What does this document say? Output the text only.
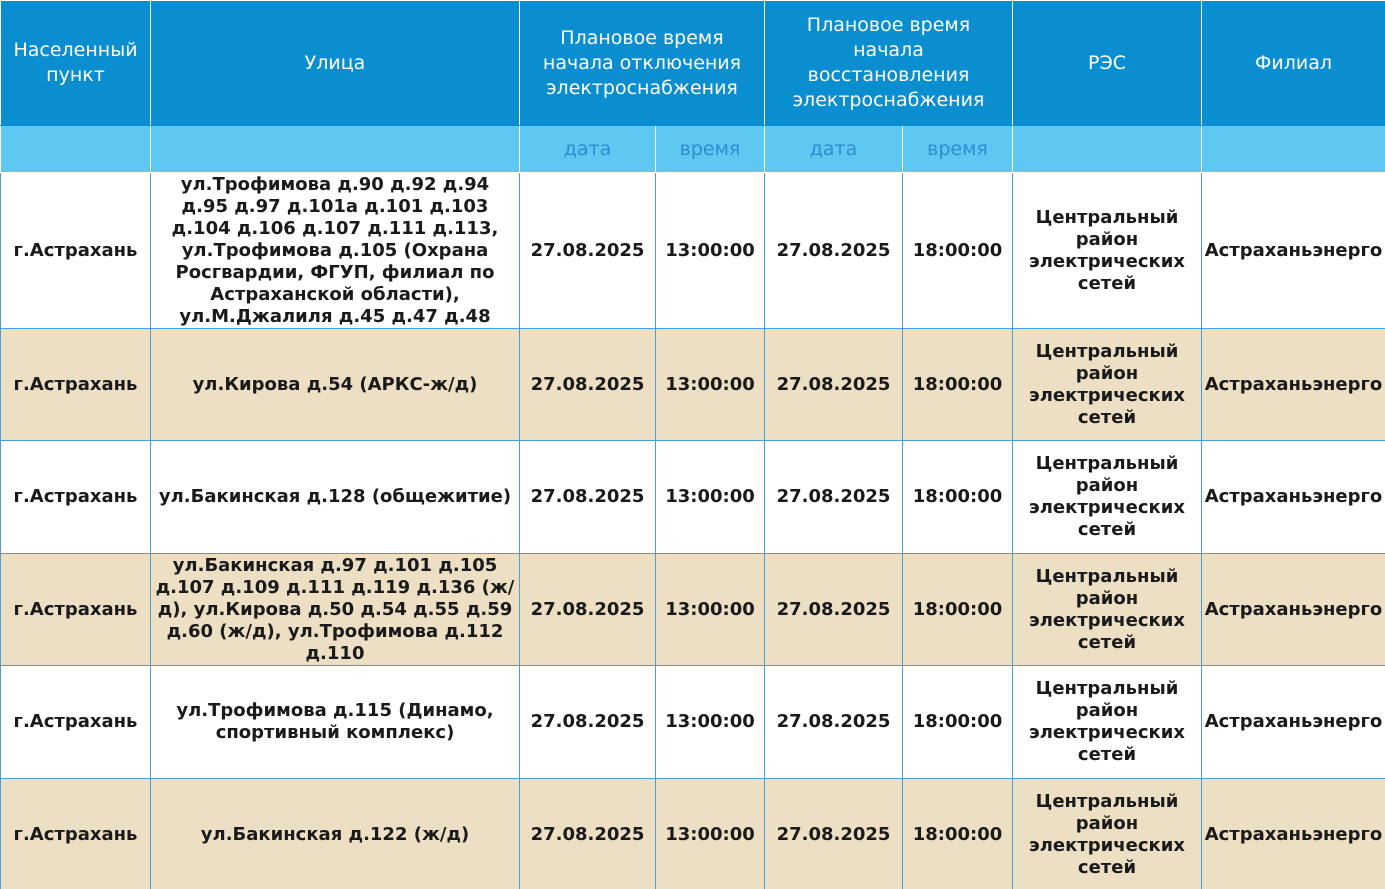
Населенный пункт	Улица	Плановое время начала отключения электроснабжения		Плановое время начала восстановления электроснабжения		РЭС	Филиал
		дата	время	дата	время		
г.Астрахань	ул.Трофимова д.90 д.92 д.94 д.95 д.97 д.101а д.101 д.103 д.104 д.106 д.107 д.111 д.113, ул.Трофимова д.105 (Охрана Росгвардии, ФГУП, филиал по Астраханской области), ул.М.Джалиля д.45 д.47 д.48	27.08.2025	13:00:00	27.08.2025	18:00:00	Центральный район электрических сетей	Астраханьэнерго
г.Астрахань	ул.Кирова д.54 (АРКС-ж/д)	27.08.2025	13:00:00	27.08.2025	18:00:00	Центральный район электрических сетей	Астраханьэнерго
г.Астрахань	ул.Бакинская д.128 (общежитие)	27.08.2025	13:00:00	27.08.2025	18:00:00	Центральный район электрических сетей	Астраханьэнерго
г.Астрахань	ул.Бакинская д.97 д.101 д.105 д.107 д.109 д.111 д.119 д.136 (ж/д), ул.Кирова д.50 д.54 д.55 д.59 д.60 (ж/д), ул.Трофимова д.112 д.110	27.08.2025	13:00:00	27.08.2025	18:00:00	Центральный район электрических сетей	Астраханьэнерго
г.Астрахань	ул.Трофимова д.115 (Динамо, спортивный комплекс)	27.08.2025	13:00:00	27.08.2025	18:00:00	Центральный район электрических сетей	Астраханьэнерго
г.Астрахань	ул.Бакинская д.122 (ж/д)	27.08.2025	13:00:00	27.08.2025	18:00:00	Центральный район электрических сетей	Астраханьэнерго
